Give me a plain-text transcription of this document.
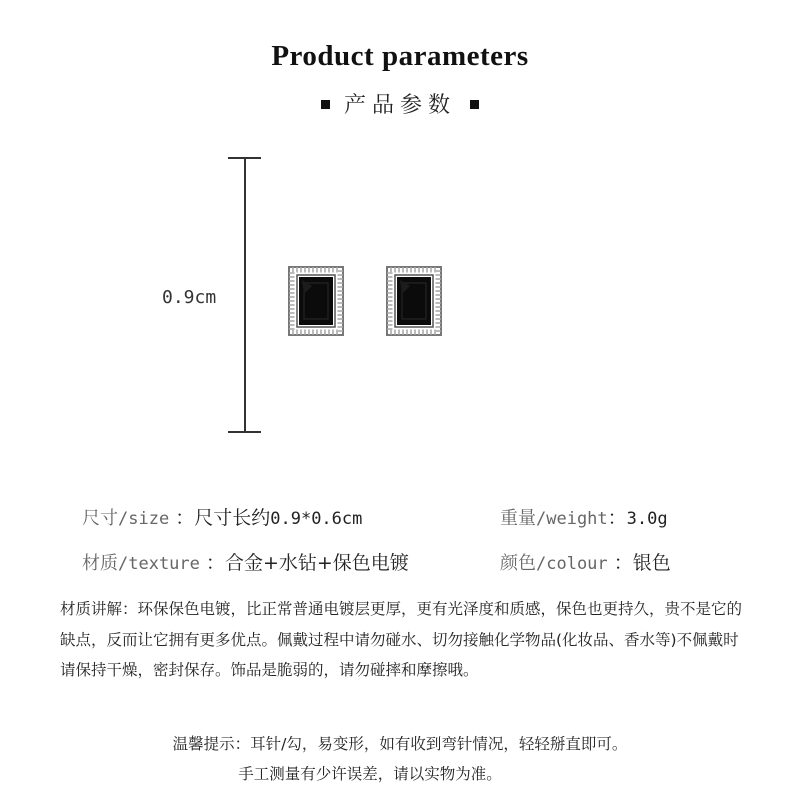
Product parameters
产品参数
0.9cm
尺寸/size ：尺寸长约0.9*0.6cm	重量/weight：3.0g
材质/texture ：合金+水钻+保色电镀	颜色/colour ：银色
材质讲解：环保保色电镀，比正常普通电镀层更厚，更有光泽度和质感，保色也更持久，贵不是它的缺点，反而让它拥有更多优点。佩戴过程中请勿碰水、切勿接触化学物品(化妆品、香水等)不佩戴时请保持干燥，密封保存。饰品是脆弱的，请勿碰摔和摩擦哦。
温馨提示：耳针/勾，易变形，如有收到弯针情况，轻轻掰直即可。
手工测量有少许误差，请以实物为准。
